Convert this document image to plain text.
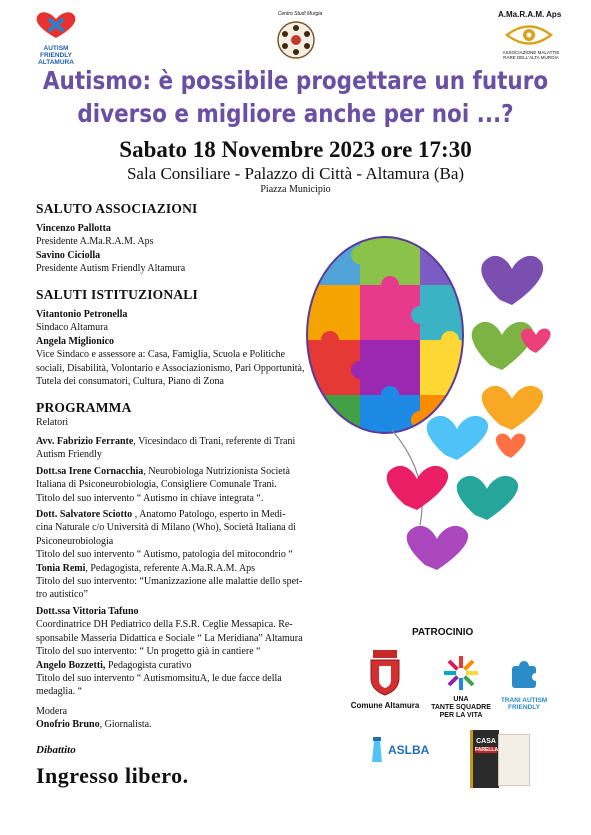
AUTISM FRIENDLY ALTAMURA
Centro Studi Murgia	A.Ma.R.A.M. Aps
ASSOCIAZIONE MALATTIE RARE DELL'ALTA MURGIA
Autismo: è possibile progettare un futuro
diverso e migliore anche per noi ...?
Sabato 18 Novembre 2023 ore 17:30
Sala Consiliare - Palazzo di Città - Altamura (Ba)
Piazza Municipio
SALUTO ASSOCIAZIONI
Vincenzo Pallotta
Presidente A.Ma.R.A.M. Aps
Savino Ciciolla
Presidente Autism Friendly Altamura
SALUTI ISTITUZIONALI
Vitantonio Petronella
Sindaco Altamura
Angela Miglionico
Vice Sindaco e assessore a: Casa, Famiglia, Scuola e Politiche
sociali, Disabilità, Volontario e Associazionismo, Pari Opportunità,
Tutela dei consumatori, Cultura, Piano di Zona
PROGRAMMA
Relatori
Avv. Fabrizio Ferrante, Vicesindaco di Trani, referente di Trani
Autism Friendly
Dott.sa Irene Cornacchia, Neurobiologa Nutrizionista Società
Italiana di Psiconeurobiologia, Consigliere Comunale Trani.
Titolo del suo intervento “ Autismo in chiave integrata “.
Dott. Salvatore Sciotto , Anatomo Patologo, esperto in Medi-
cina Naturale c/o Università di Milano (Who), Società Italiana di
Psiconeurobiologia
Titolo del suo intervento “ Autismo, patologia del mitocondrio “
Tonia Remi, Pedagogista, referente A.Ma.R.A.M. Aps
Titolo del suo intervento: “Umanizzazione alle malattie dello spet-
tro autistico”
Dott.ssa Vittoria Tafuno
Coordinatrice DH Pediatrico della F.S.R. Ceglie Messapica. Re-
sponsabile Masseria Didattica e Sociale “ La Meridiana” Altamura
Titolo del suo intervento: “ Un progetto già in cantiere “
Angelo Bozzetti, Pedagogista curativo
Titolo del suo intervento “ AutismomsituA, le due facce della
medaglia. “
Modera
Onofrio Bruno, Giornalista.
Dibattito
Ingresso libero.
PATROCINIO
Comune Altamura
UNA
TANTE SQUADRE
PER LA VITA
TRANI AUTISM
FRIENDLY
ASLBA
CASA
FARELLA
